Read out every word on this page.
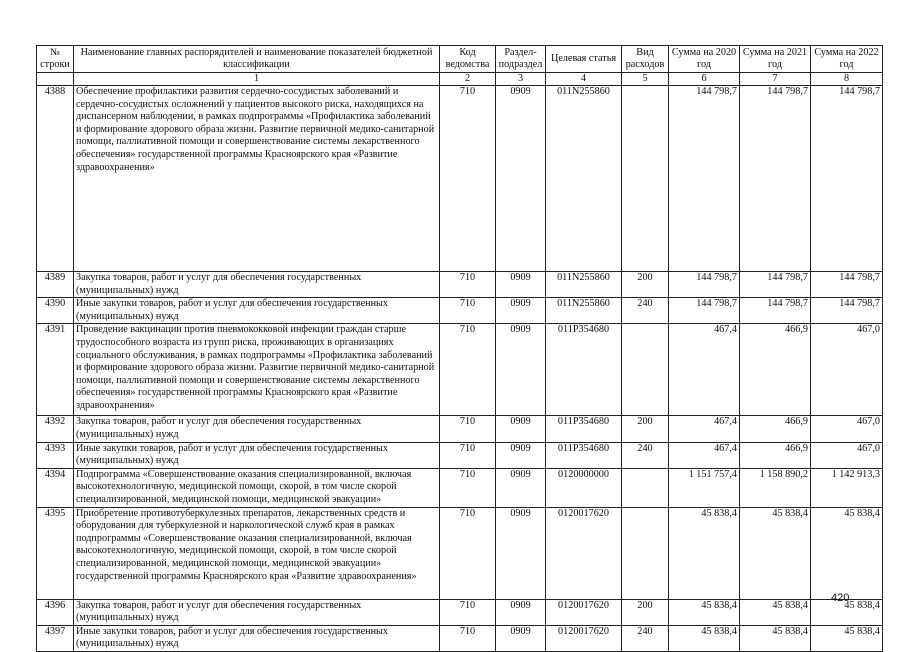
№ строки	Наименование главных распорядителей и наименование показателей бюджетной классификации	Код ведомства	Раздел-подраздел	Целевая статья	Вид расходов	Сумма на 2020 год	Сумма на 2021 год	Сумма на 2022 год
	1	2	3	4	5	6	7	8
4388	Обеспечение профилактики развития сердечно-сосудистых заболеваний и сердечно-сосудистых осложнений у пациентов высокого риска, находящихся на диспансерном наблюдении, в рамках подпрограммы «Профилактика заболеваний и формирование здорового образа жизни. Развитие первичной медико-санитарной помощи, паллиативной помощи и совершенствование системы лекарственного обеспечения» государственной программы Красноярского края «Развитие здравоохранения»	710	0909	011N255860		144 798,7	144 798,7	144 798,7
4389	Закупка товаров, работ и услуг для обеспечения государственных (муниципальных) нужд	710	0909	011N255860	200	144 798,7	144 798,7	144 798,7
4390	Иные закупки товаров, работ и услуг для обеспечения государственных (муниципальных) нужд	710	0909	011N255860	240	144 798,7	144 798,7	144 798,7
4391	Проведение вакцинации против пневмококковой инфекции граждан старше трудоспособного возраста из групп риска, проживающих в организациях социального обслуживания, в рамках подпрограммы «Профилактика заболеваний и формирование здорового образа жизни. Развитие первичной медико-санитарной помощи, паллиативной помощи и совершенствование системы лекарственного обеспечения» государственной программы Красноярского края «Развитие здравоохранения»	710	0909	011P354680		467,4	466,9	467,0
4392	Закупка товаров, работ и услуг для обеспечения государственных (муниципальных) нужд	710	0909	011P354680	200	467,4	466,9	467,0
4393	Иные закупки товаров, работ и услуг для обеспечения государственных (муниципальных) нужд	710	0909	011P354680	240	467,4	466,9	467,0
4394	Подпрограмма «Совершенствование оказания специализированной, включая высокотехнологичную, медицинской помощи, скорой, в том числе скорой специализированной, медицинской помощи, медицинской эвакуации»	710	0909	0120000000		1 151 757,4	1 158 890,2	1 142 913,3
4395	Приобретение противотуберкулезных препаратов, лекарственных средств и оборудования для туберкулезной и наркологической служб края в рамках подпрограммы «Совершенствование оказания специализированной, включая высокотехнологичную, медицинской помощи, скорой, в том числе скорой специализированной, медицинской помощи, медицинской эвакуации» государственной программы Красноярского края «Развитие здравоохранения»	710	0909	0120017620		45 838,4	45 838,4	45 838,4
4396	Закупка товаров, работ и услуг для обеспечения государственных (муниципальных) нужд	710	0909	0120017620	200	45 838,4	45 838,4	45 838,4
4397	Иные закупки товаров, работ и услуг для обеспечения государственных (муниципальных) нужд	710	0909	0120017620	240	45 838,4	45 838,4	45 838,4
420
